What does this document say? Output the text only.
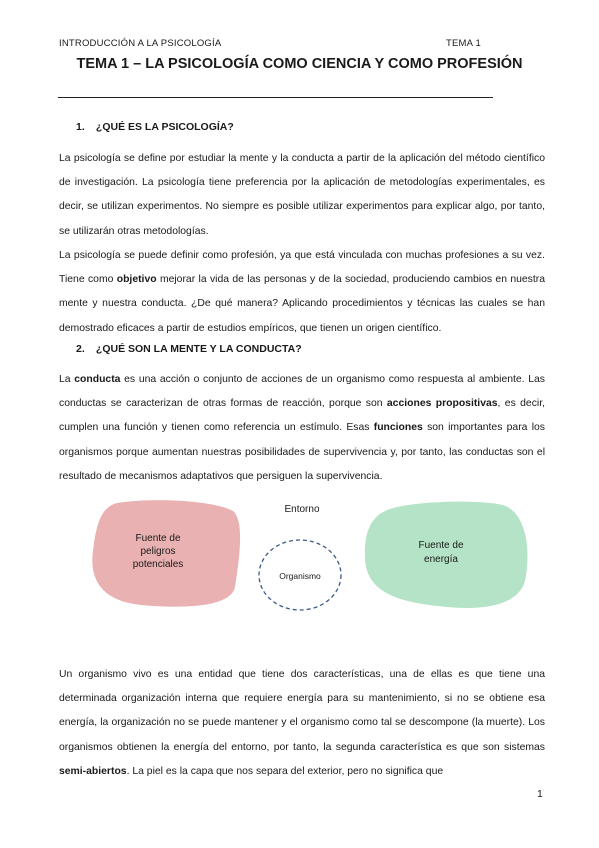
INTRODUCCIÓN A LA PSICOLOGÍA	TEMA 1
TEMA 1 – LA PSICOLOGÍA COMO CIENCIA Y COMO PROFESIÓN
1. ¿QUÉ ES LA PSICOLOGÍA?

La psicología se define por estudiar la mente y la conducta a partir de la aplicación del método científico de investigación. La psicología tiene preferencia por la aplicación de metodologías experimentales, es decir, se utilizan experimentos. No siempre es posible utilizar experimentos para explicar algo, por tanto, se utilizarán otras metodologías.

La psicología se puede definir como profesión, ya que está vinculada con muchas profesiones a su vez. Tiene como objetivo mejorar la vida de las personas y de la sociedad, produciendo cambios en nuestra mente y nuestra conducta. ¿De qué manera? Aplicando procedimientos y técnicas las cuales se han demostrado eficaces a partir de estudios empíricos, que tienen un origen científico.

2. ¿QUÉ SON LA MENTE Y LA CONDUCTA?

La conducta es una acción o conjunto de acciones de un organismo como respuesta al ambiente. Las conductas se caracterizan de otras formas de reacción, porque son acciones propositivas, es decir, cumplen una función y tienen como referencia un estímulo. Esas funciones son importantes para los organismos porque aumentan nuestras posibilidades de supervivencia y, por tanto, las conductas son el resultado de mecanismos adaptativos que persiguen la supervivencia.

Entorno
Fuente de peligros potenciales
Fuente de energía
Organismo

Un organismo vivo es una entidad que tiene dos características, una de ellas es que tiene una determinada organización interna que requiere energía para su mantenimiento, si no se obtiene esa energía, la organización no se puede mantener y el organismo como tal se descompone (la muerte). Los organismos obtienen la energía del entorno, por tanto, la segunda característica es que son sistemas semi-abiertos. La piel es la capa que nos separa del exterior, pero no significa que

1
